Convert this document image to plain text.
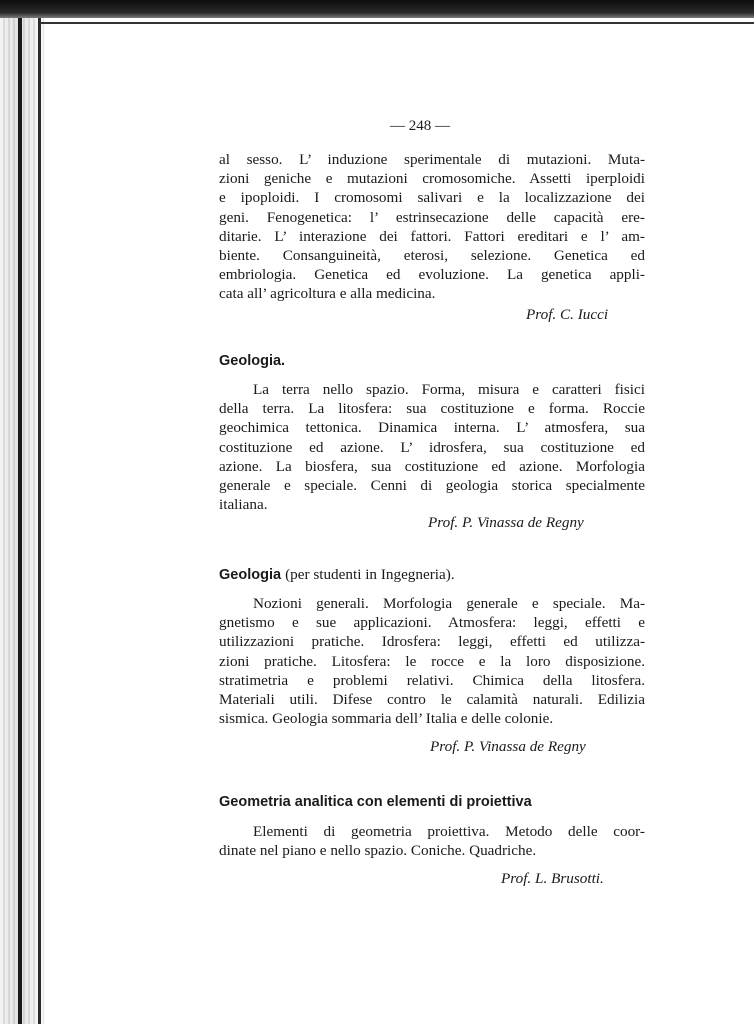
— 248 —
al sesso. L’ induzione sperimentale di mutazioni. Muta-
zioni geniche e mutazioni cromosomiche. Assetti iperploidi
e ipoploidi. I cromosomi salivari e la localizzazione dei
geni. Fenogenetica: l’ estrinsecazione delle capacità ere-
ditarie. L’ interazione dei fattori. Fattori ereditari e l’ am-
biente. Consanguineità, eterosi, selezione. Genetica ed
embriologia. Genetica ed evoluzione. La genetica appli-
cata all’ agricoltura e alla medicina.
Prof. C. Iucci
Geologia.
La terra nello spazio. Forma, misura e caratteri fisici
della terra. La litosfera: sua costituzione e forma. Roccie
geochimica tettonica. Dinamica interna. L’ atmosfera, sua
costituzione ed azione. L’ idrosfera, sua costituzione ed
azione. La biosfera, sua costituzione ed azione. Morfologia
generale e speciale. Cenni di geologia storica specialmente
italiana.
Prof. P. Vinassa de Regny
Geologia (per studenti in Ingegneria).
Nozioni generali. Morfologia generale e speciale. Ma-
gnetismo e sue applicazioni. Atmosfera: leggi, effetti e
utilizzazioni pratiche. Idrosfera: leggi, effetti ed utilizza-
zioni pratiche. Litosfera: le rocce e la loro disposizione.
stratimetria e problemi relativi. Chimica della litosfera.
Materiali utili. Difese contro le calamità naturali. Edilizia
sismica. Geologia sommaria dell’ Italia e delle colonie.
Prof. P. Vinassa de Regny
Geometria analitica con elementi di proiettiva
Elementi di geometria proiettiva. Metodo delle coor-
dinate nel piano e nello spazio. Coniche. Quadriche.
Prof. L. Brusotti.
